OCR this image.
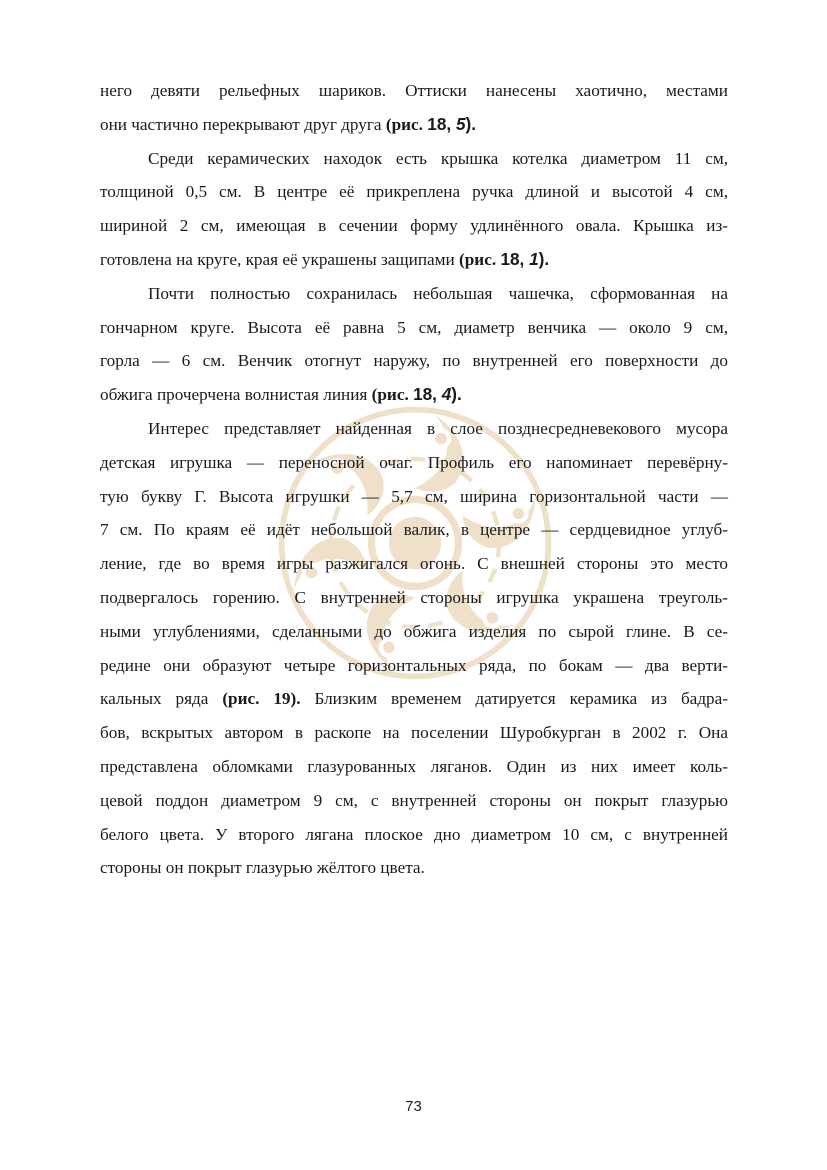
него девяти рельефных шариков. Оттиски нанесены хаотично, местами
они частично перекрывают друг друга (рис. 18, 5).

Среди керамических находок есть крышка котелка диаметром 11 см,
толщиной 0,5 см. В центре её прикреплена ручка длиной и высотой 4 см,
шириной 2 см, имеющая в сечении форму удлинённого овала. Крышка из-
готовлена на круге, края её украшены защипами (рис. 18, 1).

Почти полностью сохранилась небольшая чашечка, сформованная на
гончарном круге. Высота её равна 5 см, диаметр венчика — около 9 см,
горла — 6 см. Венчик отогнут наружу, по внутренней его поверхности до
обжига прочерчена волнистая линия (рис. 18, 4).

Интерес представляет найденная в слое позднесредневекового мусора
детская игрушка — переносной очаг. Профиль его напоминает перевёрну-
тую букву Г. Высота игрушки — 5,7 см, ширина горизонтальной части —
7 см. По краям её идёт небольшой валик, в центре — сердцевидное углуб-
ление, где во время игры разжигался огонь. С внешней стороны это место
подвергалось горению. С внутренней стороны игрушка украшена треуголь-
ными углублениями, сделанными до обжига изделия по сырой глине. В се-
редине они образуют четыре горизонтальных ряда, по бокам — два верти-
кальных ряда (рис. 19). Близким временем датируется керамика из бадра-
бов, вскрытых автором в раскопе на поселении Шуробкурган в 2002 г. Она
представлена обломками глазурованных ляганов. Один из них имеет коль-
цевой поддон диаметром 9 см, с внутренней стороны он покрыт глазурью
белого цвета. У второго лягана плоское дно диаметром 10 см, с внутренней
стороны он покрыт глазурью жёлтого цвета.

73
